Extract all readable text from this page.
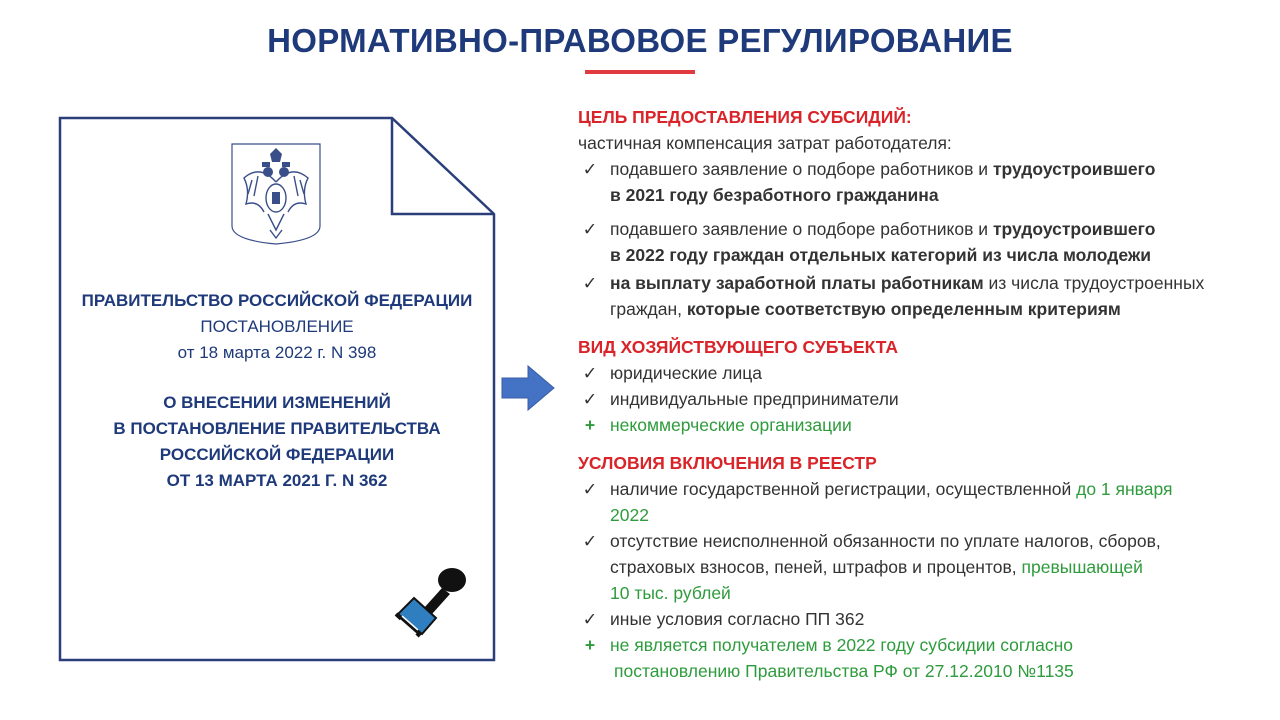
НОРМАТИВНО-ПРАВОВОЕ РЕГУЛИРОВАНИЕ
ПРАВИТЕЛЬСТВО РОССИЙСКОЙ ФЕДЕРАЦИИ
ПОСТАНОВЛЕНИЕ
от 18 марта 2022 г. N 398
О ВНЕСЕНИИ ИЗМЕНЕНИЙ
В ПОСТАНОВЛЕНИЕ ПРАВИТЕЛЬСТВА
РОССИЙСКОЙ ФЕДЕРАЦИИ
ОТ 13 МАРТА 2021 Г. N 362
ЦЕЛЬ ПРЕДОСТАВЛЕНИЯ СУБСИДИЙ:
частичная компенсация затрат работодателя:
✓ подавшего заявление о подборе работников и трудоустроившего
в 2021 году безработного гражданина
✓ подавшего заявление о подборе работников и трудоустроившего
в 2022 году граждан отдельных категорий из числа молодежи
✓ на выплату заработной платы работникам из числа трудоустроенных
граждан, которые соответствую определенным критериям
ВИД ХОЗЯЙСТВУЮЩЕГО СУБЪЕКТА
✓ юридические лица
✓ индивидуальные предприниматели
+ некоммерческие организации
УСЛОВИЯ ВКЛЮЧЕНИЯ В РЕЕСТР
✓ наличие государственной регистрации, осуществленной до 1 января
2022
✓ отсутствие неисполненной обязанности по уплате налогов, сборов,
страховых взносов, пеней, штрафов и процентов, превышающей
10 тыс. рублей
✓ иные условия согласно ПП 362
+ не является получателем в 2022 году субсидии согласно
постановлению Правительства РФ от 27.12.2010 №1135
